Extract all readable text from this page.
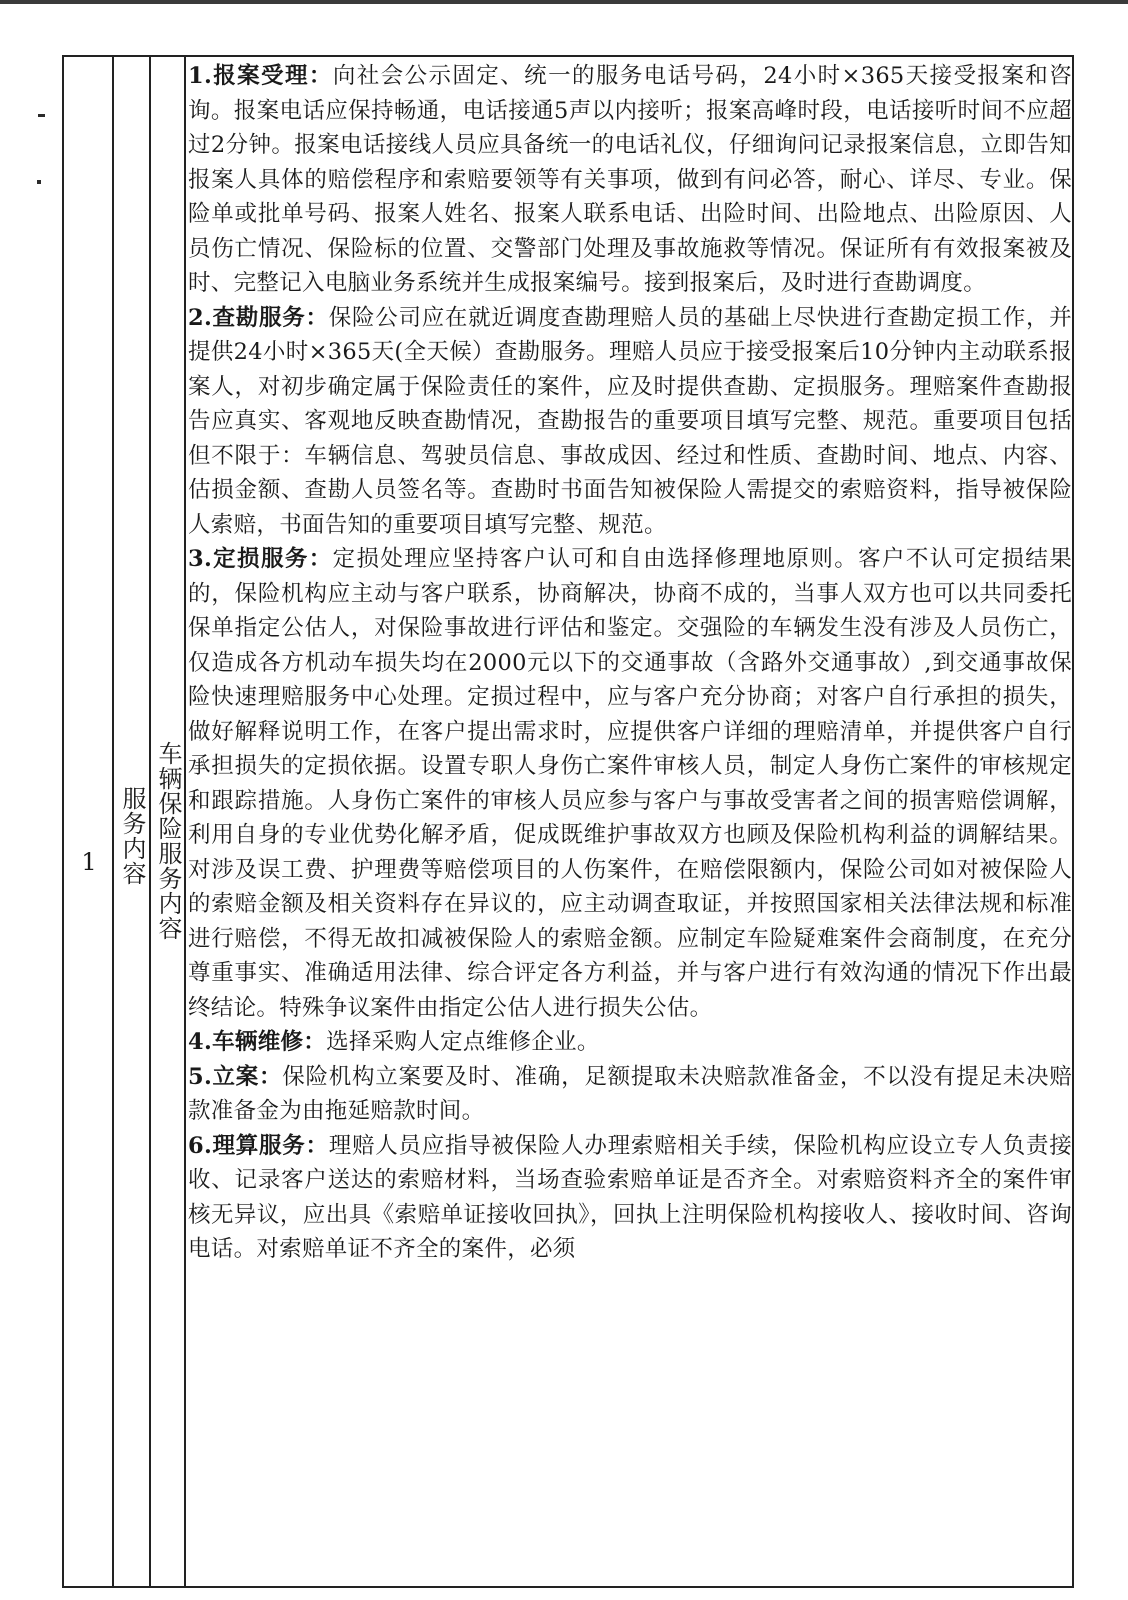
1 服务内容 车辆保险服务内容

1.报案受理：向社会公示固定、统一的服务电话号码，24小时×365天接受报案和咨询。报案电话应保持畅通，电话接通5声以内接听；报案高峰时段，电话接听时间不应超过2分钟。报案电话接线人员应具备统一的电话礼仪，仔细询问记录报案信息，立即告知报案人具体的赔偿程序和索赔要领等有关事项，做到有问必答，耐心、详尽、专业。保险单或批单号码、报案人姓名、报案人联系电话、出险时间、出险地点、出险原因、人员伤亡情况、保险标的位置、交警部门处理及事故施救等情况。保证所有有效报案被及时、完整记入电脑业务系统并生成报案编号。接到报案后，及时进行查勘调度。

2.查勘服务：保险公司应在就近调度查勘理赔人员的基础上尽快进行查勘定损工作，并提供24小时×365天(全天候）查勘服务。理赔人员应于接受报案后10分钟内主动联系报案人，对初步确定属于保险责任的案件，应及时提供查勘、定损服务。理赔案件查勘报告应真实、客观地反映查勘情况，查勘报告的重要项目填写完整、规范。重要项目包括但不限于：车辆信息、驾驶员信息、事故成因、经过和性质、查勘时间、地点、内容、估损金额、查勘人员签名等。查勘时书面告知被保险人需提交的索赔资料，指导被保险人索赔，书面告知的重要项目填写完整、规范。

3.定损服务：定损处理应坚持客户认可和自由选择修理地原则。客户不认可定损结果的，保险机构应主动与客户联系，协商解决，协商不成的，当事人双方也可以共同委托保单指定公估人，对保险事故进行评估和鉴定。交强险的车辆发生没有涉及人员伤亡，仅造成各方机动车损失均在2000元以下的交通事故（含路外交通事故）,到交通事故保险快速理赔服务中心处理。定损过程中，应与客户充分协商；对客户自行承担的损失，做好解释说明工作，在客户提出需求时，应提供客户详细的理赔清单，并提供客户自行承担损失的定损依据。设置专职人身伤亡案件审核人员，制定人身伤亡案件的审核规定和跟踪措施。人身伤亡案件的审核人员应参与客户与事故受害者之间的损害赔偿调解，利用自身的专业优势化解矛盾，促成既维护事故双方也顾及保险机构利益的调解结果。对涉及误工费、护理费等赔偿项目的人伤案件，在赔偿限额内，保险公司如对被保险人的索赔金额及相关资料存在异议的，应主动调查取证，并按照国家相关法律法规和标准进行赔偿，不得无故扣减被保险人的索赔金额。应制定车险疑难案件会商制度，在充分尊重事实、准确适用法律、综合评定各方利益，并与客户进行有效沟通的情况下作出最终结论。特殊争议案件由指定公估人进行损失公估。

4.车辆维修：选择采购人定点维修企业。

5.立案：保险机构立案要及时、准确，足额提取未决赔款准备金，不以没有提足未决赔款准备金为由拖延赔款时间。

6.理算服务：理赔人员应指导被保险人办理索赔相关手续，保险机构应设立专人负责接收、记录客户送达的索赔材料，当场查验索赔单证是否齐全。对索赔资料齐全的案件审核无异议，应出具《索赔单证接收回执》，回执上注明保险机构接收人、接收时间、咨询电话。对索赔单证不齐全的案件，必须
